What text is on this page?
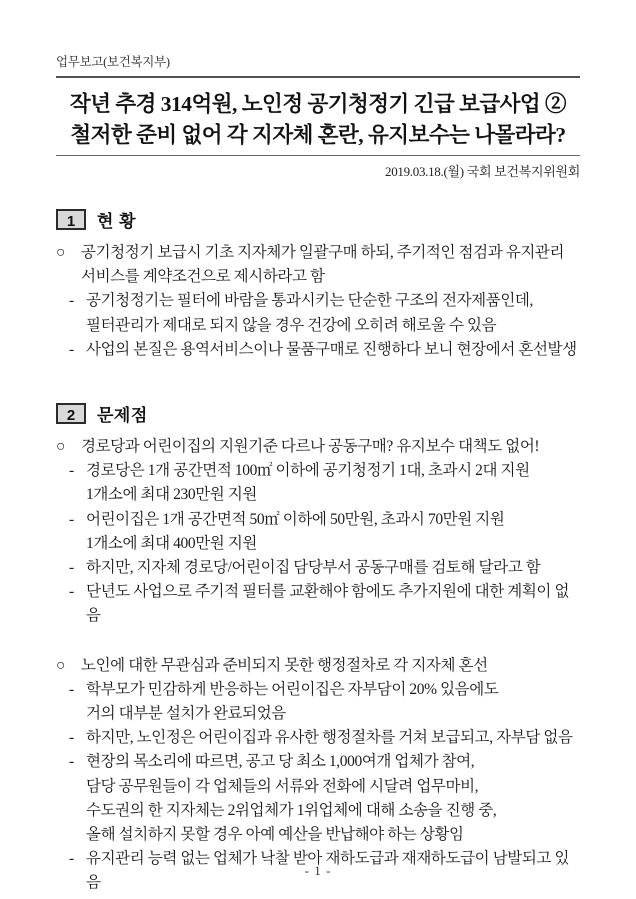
업무보고(보건복지부)
작년 추경 314억원, 노인정 공기청정기 긴급 보급사업 ②
철저한 준비 없어 각 지자체 혼란, 유지보수는 나몰라라?
2019.03.18.(월) 국회 보건복지위원회
1	현 황
○	공기청정기 보급시 기초 지자체가 일괄구매 하되, 주기적인 점검과 유지관리
서비스를 계약조건으로 제시하라고 함
- 공기청정기는 필터에 바람을 통과시키는 단순한 구조의 전자제품인데,
필터관리가 제대로 되지 않을 경우 건강에 오히려 해로울 수 있음
- 사업의 본질은 용역서비스이나 물품구매로 진행하다 보니 현장에서 혼선발생
2	문제점
○	경로당과 어린이집의 지원기준 다르나 공동구매? 유지보수 대책도 없어!
- 경로당은 1개 공간면적 100㎡ 이하에 공기청정기 1대, 초과시 2대 지원
1개소에 최대 230만원 지원
- 어린이집은 1개 공간면적 50㎡ 이하에 50만원, 초과시 70만원 지원
1개소에 최대 400만원 지원
- 하지만, 지자체 경로당/어린이집 담당부서 공동구매를 검토해 달라고 함
- 단년도 사업으로 주기적 필터를 교환해야 함에도 추가지원에 대한 계획이 없음
○	노인에 대한 무관심과 준비되지 못한 행정절차로 각 지자체 혼선
- 학부모가 민감하게 반응하는 어린이집은 자부담이 20% 있음에도
거의 대부분 설치가 완료되었음
- 하지만, 노인정은 어린이집과 유사한 행정절차를 거쳐 보급되고, 자부담 없음
- 현장의 목소리에 따르면, 공고 당 최소 1,000여개 업체가 참여,
담당 공무원들이 각 업체들의 서류와 전화에 시달려 업무마비,
수도권의 한 지자체는 2위업체가 1위업체에 대해 소송을 진행 중,
올해 설치하지 못할 경우 아예 예산을 반납해야 하는 상황임
- 유지관리 능력 없는 업체가 낙찰 받아 재하도급과 재재하도급이 남발되고 있음
- 1 -
